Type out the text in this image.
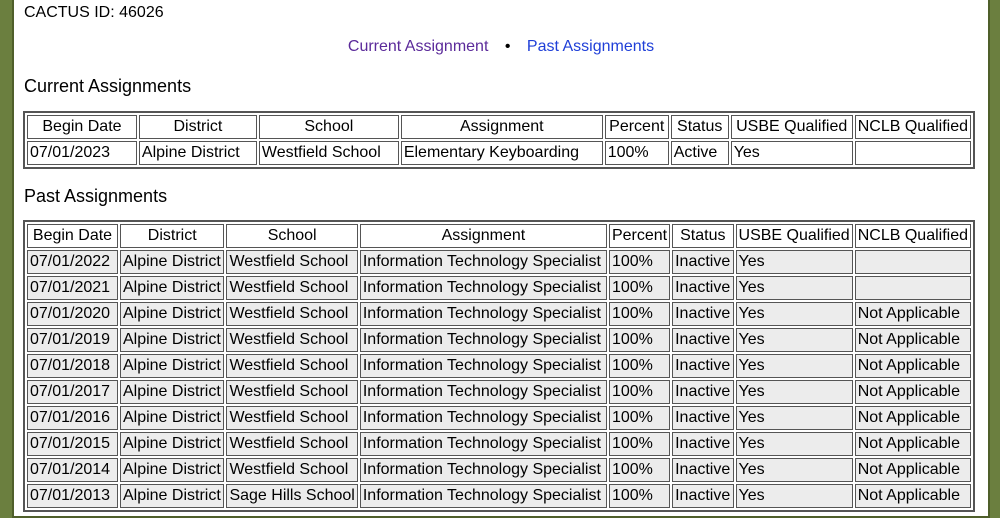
CACTUS ID: 46026
Current Assignment • Past Assignments
Current Assignments
Begin Date	District	School	Assignment	Percent	Status	USBE Qualified	NCLB Qualified
07/01/2023	Alpine District	Westfield School	Elementary Keyboarding	100%	Active	Yes	
Past Assignments
Begin Date	District	School	Assignment	Percent	Status	USBE Qualified	NCLB Qualified
07/01/2022	Alpine District	Westfield School	Information Technology Specialist	100%	Inactive	Yes	
07/01/2021	Alpine District	Westfield School	Information Technology Specialist	100%	Inactive	Yes	
07/01/2020	Alpine District	Westfield School	Information Technology Specialist	100%	Inactive	Yes	Not Applicable
07/01/2019	Alpine District	Westfield School	Information Technology Specialist	100%	Inactive	Yes	Not Applicable
07/01/2018	Alpine District	Westfield School	Information Technology Specialist	100%	Inactive	Yes	Not Applicable
07/01/2017	Alpine District	Westfield School	Information Technology Specialist	100%	Inactive	Yes	Not Applicable
07/01/2016	Alpine District	Westfield School	Information Technology Specialist	100%	Inactive	Yes	Not Applicable
07/01/2015	Alpine District	Westfield School	Information Technology Specialist	100%	Inactive	Yes	Not Applicable
07/01/2014	Alpine District	Westfield School	Information Technology Specialist	100%	Inactive	Yes	Not Applicable
07/01/2013	Alpine District	Sage Hills School	Information Technology Specialist	100%	Inactive	Yes	Not Applicable
